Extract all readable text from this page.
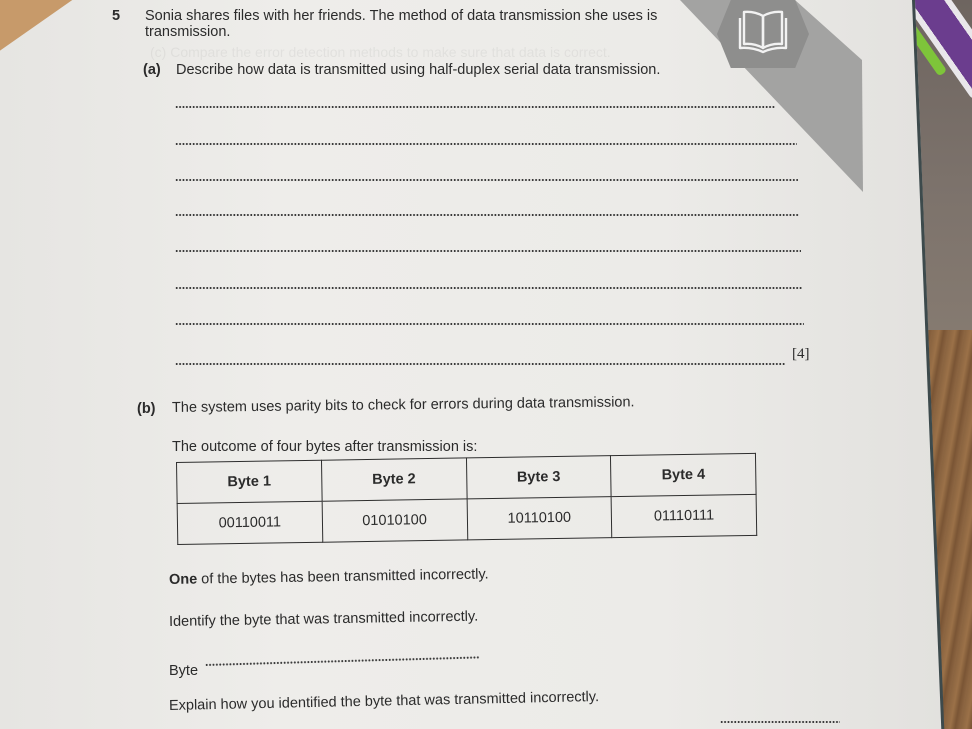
(c) Compare the error detection methods to make sure that data is correct.
5 Sonia shares files with her friends. The method of data transmission she uses is
transmission.
(a) Describe how data is transmitted using half-duplex serial data transmission.
[4]
(b) The system uses parity bits to check for errors during data transmission.
The outcome of four bytes after transmission is:
Byte 1	Byte 2	Byte 3	Byte 4
00110011	01010100	10110100	01110111
One of the bytes has been transmitted incorrectly.
Identify the byte that was transmitted incorrectly.
Byte
Explain how you identified the byte that was transmitted incorrectly.
